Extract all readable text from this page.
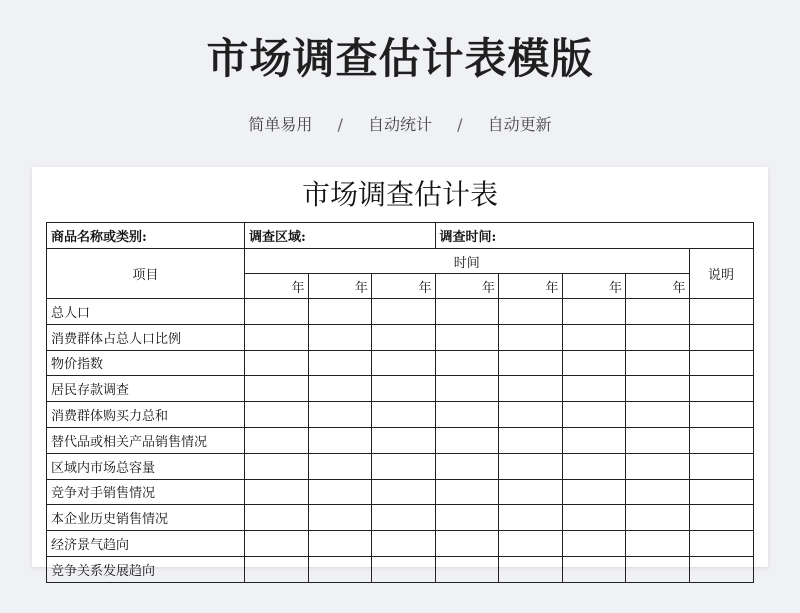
市场调查估计表模版
简单易用 / 自动统计 / 自动更新
市场调查估计表
商品名称或类别:	调查区域:			调查时间:				
项目	时间							说明
	年	年	年	年	年	年	年	
总人口								
消费群体占总人口比例								
物价指数								
居民存款调查								
消费群体购买力总和								
替代品或相关产品销售情况								
区域内市场总容量								
竞争对手销售情况								
本企业历史销售情况								
经济景气趋向								
竞争关系发展趋向								
